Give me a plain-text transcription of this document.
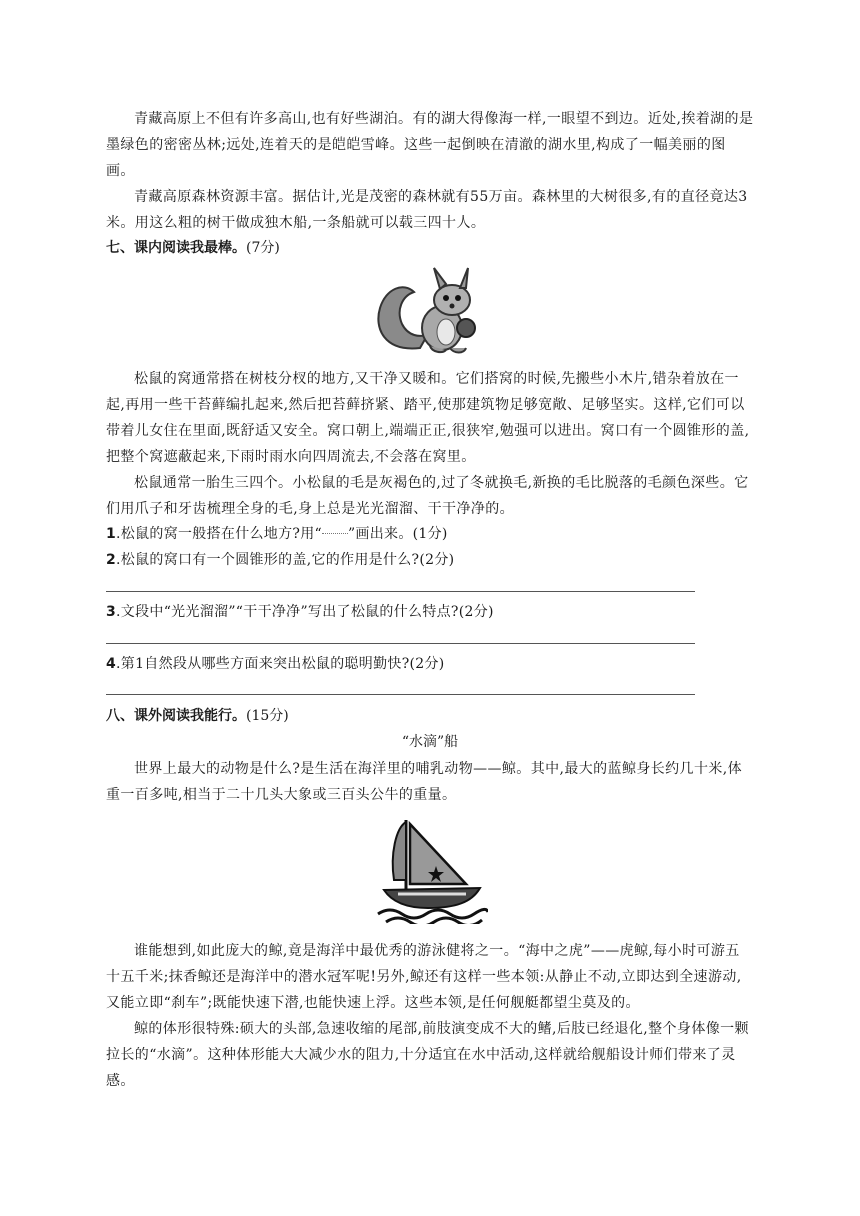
青藏高原上不但有许多高山,也有好些湖泊。有的湖大得像海一样,一眼望不到边。近处,挨着湖的是墨绿色的密密丛林;远处,连着天的是皑皑雪峰。这些一起倒映在清澈的湖水里,构成了一幅美丽的图画。

青藏高原森林资源丰富。据估计,光是茂密的森林就有55万亩。森林里的大树很多,有的直径竟达3米。用这么粗的树干做成独木船,一条船就可以载三四十人。

七、课内阅读我最棒。(7分)

松鼠的窝通常搭在树枝分杈的地方,又干净又暖和。它们搭窝的时候,先搬些小木片,错杂着放在一起,再用一些干苔藓编扎起来,然后把苔藓挤紧、踏平,使那建筑物足够宽敞、足够坚实。这样,它们可以带着儿女住在里面,既舒适又安全。窝口朝上,端端正正,很狭窄,勉强可以进出。窝口有一个圆锥形的盖,把整个窝遮蔽起来,下雨时雨水向四周流去,不会落在窝里。

松鼠通常一胎生三四个。小松鼠的毛是灰褐色的,过了冬就换毛,新换的毛比脱落的毛颜色深些。它们用爪子和牙齿梳理全身的毛,身上总是光光溜溜、干干净净的。

1.松鼠的窝一般搭在什么地方?用“ ”画出来。(1分)

2.松鼠的窝口有一个圆锥形的盖,它的作用是什么?(2分)

3.文段中“光光溜溜”“干干净净”写出了松鼠的什么特点?(2分)

4.第1自然段从哪些方面来突出松鼠的聪明勤快?(2分)

八、课外阅读我能行。(15分)

“水滴”船

世界上最大的动物是什么?是生活在海洋里的哺乳动物——鲸。其中,最大的蓝鲸身长约几十米,体重一百多吨,相当于二十几头大象或三百头公牛的重量。

谁能想到,如此庞大的鲸,竟是海洋中最优秀的游泳健将之一。“海中之虎”——虎鲸,每小时可游五十五千米;抹香鲸还是海洋中的潜水冠军呢!另外,鲸还有这样一些本领:从静止不动,立即达到全速游动,又能立即“刹车”;既能快速下潜,也能快速上浮。这些本领,是任何舰艇都望尘莫及的。

鲸的体形很特殊:硕大的头部,急速收缩的尾部,前肢演变成不大的鳍,后肢已经退化,整个身体像一颗拉长的“水滴”。这种体形能大大减少水的阻力,十分适宜在水中活动,这样就给舰船设计师们带来了灵感。
